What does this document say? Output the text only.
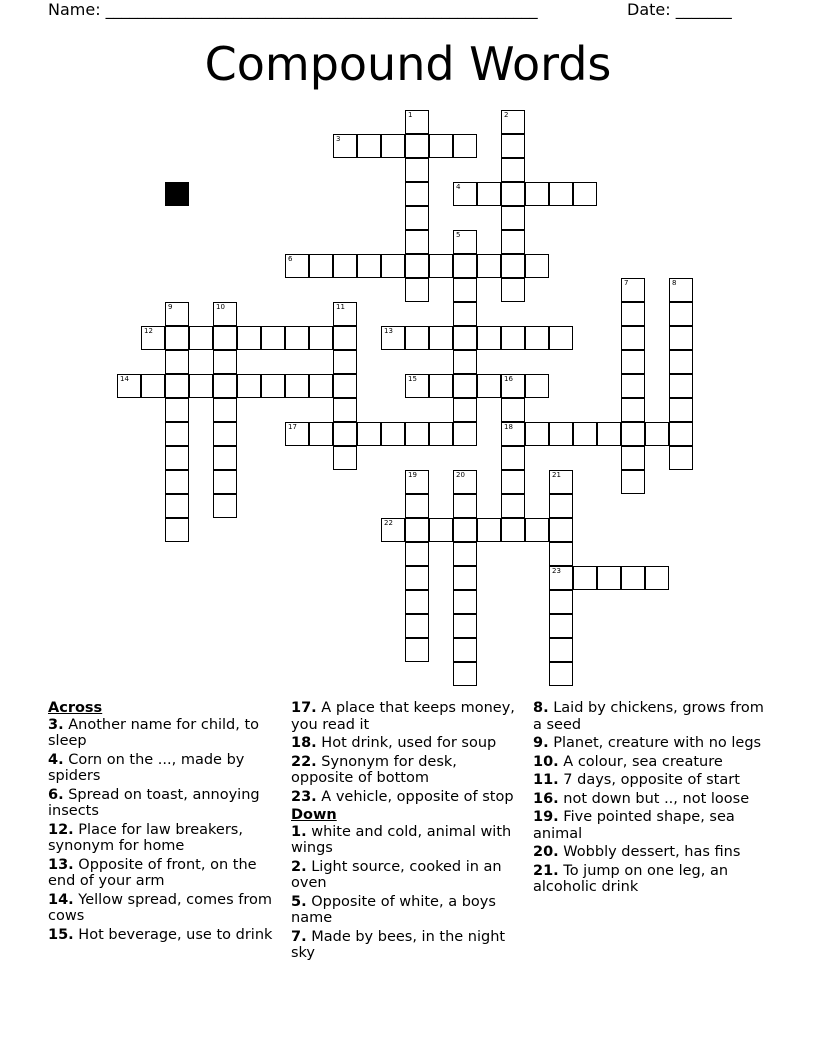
Name: ______________________________________________________	Date: _______
Compound Words
1	2
3
4
5
6
7	8
9	10	11
12	13
14	15	16
17	18
19	20	21
22
23
Across
3. Another name for child, to sleep
4. Corn on the ..., made by spiders
6. Spread on toast, annoying insects
12. Place for law breakers, synonym for home
13. Opposite of front, on the end of your arm
14. Yellow spread, comes from cows
15. Hot beverage, use to drink
17. A place that keeps money, you read it
18. Hot drink, used for soup
22. Synonym for desk, opposite of bottom
23. A vehicle, opposite of stop
Down
1. white and cold, animal with wings
2. Light source, cooked in an oven
5. Opposite of white, a boys name
7. Made by bees, in the night sky
8. Laid by chickens, grows from a seed
9. Planet, creature with no legs
10. A colour, sea creature
11. 7 days, opposite of start
16. not down but .., not loose
19. Five pointed shape, sea animal
20. Wobbly dessert, has fins
21. To jump on one leg, an alcoholic drink
